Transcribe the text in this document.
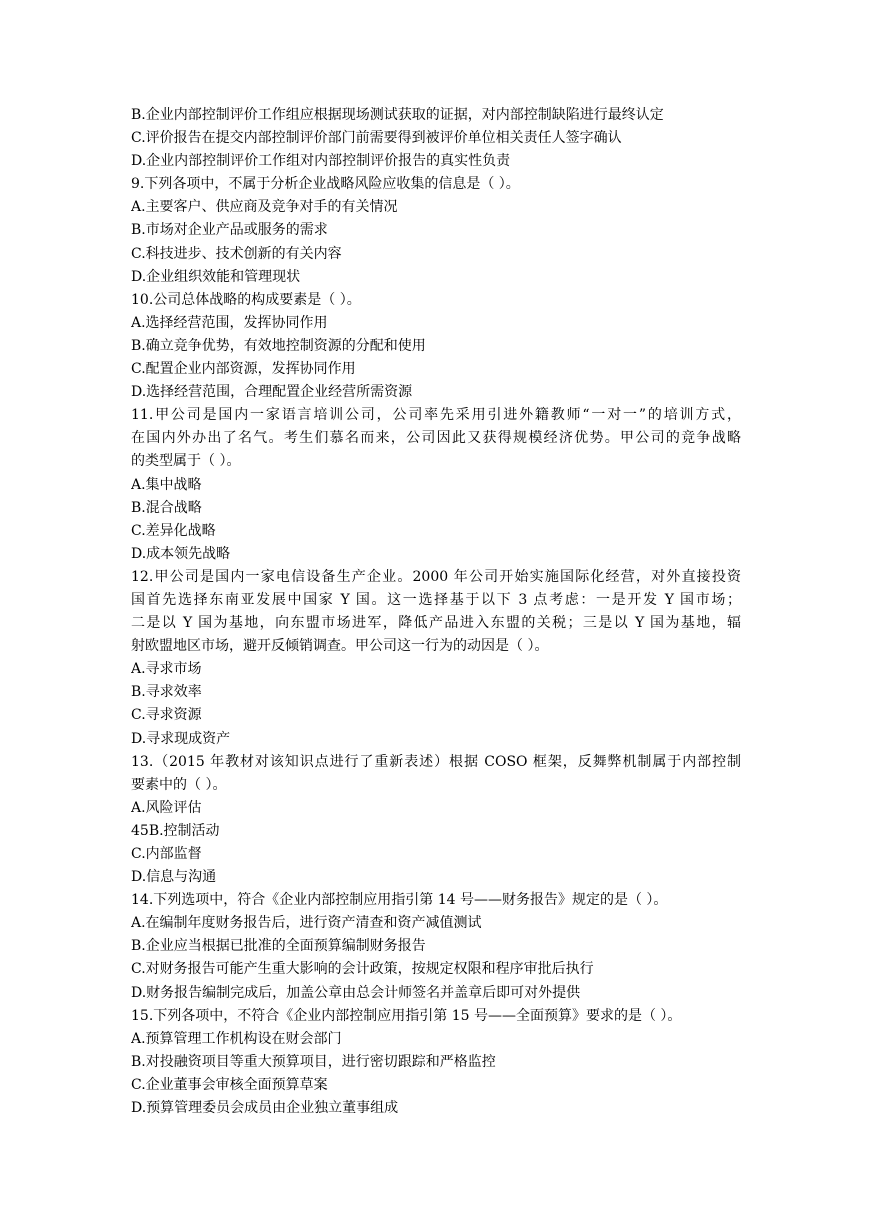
B.企业内部控制评价工作组应根据现场测试获取的证据，对内部控制缺陷进行最终认定
C.评价报告在提交内部控制评价部门前需要得到被评价单位相关责任人签字确认
D.企业内部控制评价工作组对内部控制评价报告的真实性负责
9.下列各项中，不属于分析企业战略风险应收集的信息是（ ）。
A.主要客户、供应商及竞争对手的有关情况
B.市场对企业产品或服务的需求
C.科技进步、技术创新的有关内容
D.企业组织效能和管理现状
10.公司总体战略的构成要素是（ ）。
A.选择经营范围，发挥协同作用
B.确立竞争优势，有效地控制资源的分配和使用
C.配置企业内部资源，发挥协同作用
D.选择经营范围，合理配置企业经营所需资源
11.甲公司是国内一家语言培训公司，公司率先采用引进外籍教师“一对一”的培训方式，
在国内外办出了名气。考生们慕名而来，公司因此又获得规模经济优势。甲公司的竞争战略
的类型属于（ ）。
A.集中战略
B.混合战略
C.差异化战略
D.成本领先战略
12.甲公司是国内一家电信设备生产企业。2000 年公司开始实施国际化经营，对外直接投资
国首先选择东南亚发展中国家 Y 国。这一选择基于以下 3 点考虑：一是开发 Y 国市场；
二是以 Y 国为基地，向东盟市场进军，降低产品进入东盟的关税；三是以 Y 国为基地，辐
射欧盟地区市场，避开反倾销调查。甲公司这一行为的动因是（ ）。
A.寻求市场
B.寻求效率
C.寻求资源
D.寻求现成资产
13.（2015 年教材对该知识点进行了重新表述）根据 COSO 框架，反舞弊机制属于内部控制
要素中的（ ）。
A.风险评估
45B.控制活动
C.内部监督
D.信息与沟通
14.下列选项中，符合《企业内部控制应用指引第 14 号——财务报告》规定的是（ ）。
A.在编制年度财务报告后，进行资产清查和资产减值测试
B.企业应当根据已批准的全面预算编制财务报告
C.对财务报告可能产生重大影响的会计政策，按规定权限和程序审批后执行
D.财务报告编制完成后，加盖公章由总会计师签名并盖章后即可对外提供
15.下列各项中，不符合《企业内部控制应用指引第 15 号——全面预算》要求的是（ ）。
A.预算管理工作机构设在财会部门
B.对投融资项目等重大预算项目，进行密切跟踪和严格监控
C.企业董事会审核全面预算草案
D.预算管理委员会成员由企业独立董事组成
